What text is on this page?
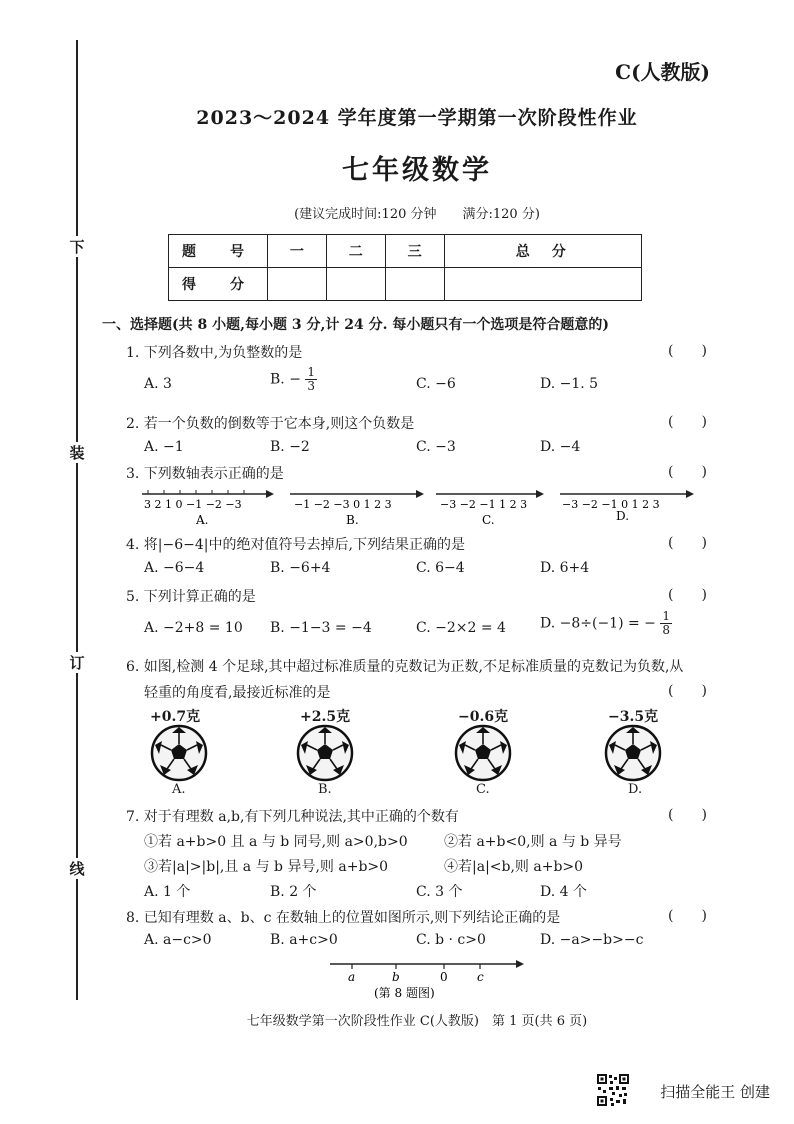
下
装
订
线
C(人教版)
2023～2024 学年度第一学期第一次阶段性作业
七年级数学
(建议完成时间:120 分钟　　满分:120 分)
题　号	一	二	三	总　分
得　分				
一、选择题(共 8 小题,每小题 3 分,计 24 分. 每小题只有一个选项是符合题意的)
1. 下列各数中,为负整数的是	(　　)
A. 3	B. − $\frac{1}{3}$	C. −6	D. −1. 5
2. 若一个负数的倒数等于它本身,则这个负数是	(　　)
A. −1	B. −2	C. −3	D. −4
3. 下列数轴表示正确的是	(　　)
3 2 1 0 −1 −2 −3
A.
−1 −2 −3 0 1 2 3
B.
−3 −2 −1 1 2 3
C.
−3 −2 −1 0 1 2 3
D.
4. 将|−6−4|中的绝对值符号去掉后,下列结果正确的是	(　　)
A. −6−4	B. −6+4	C. 6−4	D. 6+4
5. 下列计算正确的是	(　　)
A. −2+8 = 10 B. −1−3 = −4	C. −2×2 = 4 D. −8÷(−1) = − $\frac{1}{8}$
6. 如图,检测 4 个足球,其中超过标准质量的克数记为正数,不足标准质量的克数记为负数,从
轻重的角度看,最接近标准的是	(　　)
+0.7克	+2.5克	−0.6克	−3.5克
A.	B.	C.	D.
7. 对于有理数 a,b,有下列几种说法,其中正确的个数有	(　　)
①若 a+b>0 且 a 与 b 同号,则 a>0,b>0	②若 a+b<0,则 a 与 b 异号
③若|a|>|b|,且 a 与 b 异号,则 a+b>0	④若|a|<b,则 a+b>0
A. 1 个	B. 2 个	C. 3 个	D. 4 个
8. 已知有理数 a、b、c 在数轴上的位置如图所示,则下列结论正确的是	(　　)
A. a−c>0	B. a+c>0	C. b · c>0	D. −a>−b>−c
a	b	0 c
(第 8 题图)
七年级数学第一次阶段性作业 C(人教版)　第 1 页(共 6 页)
扫描全能王 创建
